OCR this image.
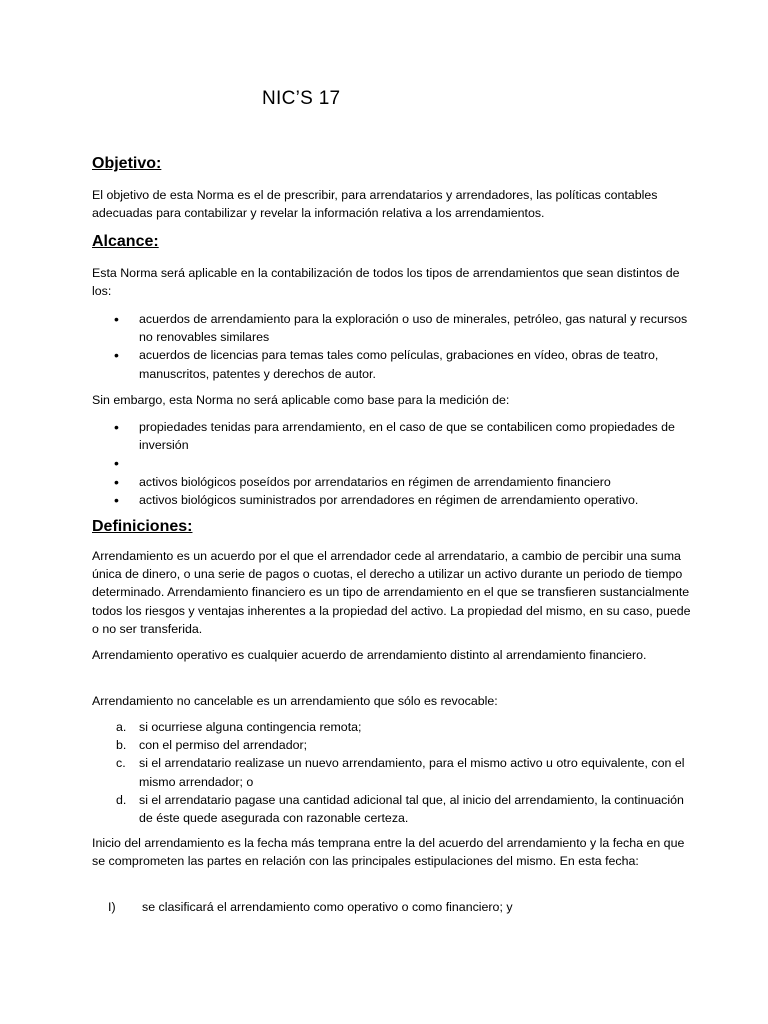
NIC’S 17
Objetivo:

El objetivo de esta Norma es el de prescribir, para arrendatarios y arrendadores, las políticas contables adecuadas para contabilizar y revelar la información relativa a los arrendamientos.

Alcance:

Esta Norma será aplicable en la contabilización de todos los tipos de arrendamientos que sean distintos de los:

• acuerdos de arrendamiento para la exploración o uso de minerales, petróleo, gas natural y recursos no renovables similares
• acuerdos de licencias para temas tales como películas, grabaciones en vídeo, obras de teatro, manuscritos, patentes y derechos de autor.

Sin embargo, esta Norma no será aplicable como base para la medición de:

• propiedades tenidas para arrendamiento, en el caso de que se contabilicen como propiedades de inversión
•

• activos biológicos poseídos por arrendatarios en régimen de arrendamiento financiero
• activos biológicos suministrados por arrendadores en régimen de arrendamiento operativo.
Definiciones:

Arrendamiento es un acuerdo por el que el arrendador cede al arrendatario, a cambio de percibir una suma única de dinero, o una serie de pagos o cuotas, el derecho a utilizar un activo durante un periodo de tiempo determinado. Arrendamiento financiero es un tipo de arrendamiento en el que se transfieren sustancialmente todos los riesgos y ventajas inherentes a la propiedad del activo. La propiedad del mismo, en su caso, puede o no ser transferida.

Arrendamiento operativo es cualquier acuerdo de arrendamiento distinto al arrendamiento financiero.

Arrendamiento no cancelable es un arrendamiento que sólo es revocable:

a. si ocurriese alguna contingencia remota;
b. con el permiso del arrendador;
c. si el arrendatario realizase un nuevo arrendamiento, para el mismo activo u otro equivalente, con el mismo arrendador; o
d. si el arrendatario pagase una cantidad adicional tal que, al inicio del arrendamiento, la continuación de éste quede asegurada con razonable certeza.

Inicio del arrendamiento es la fecha más temprana entre la del acuerdo del arrendamiento y la fecha en que se comprometen las partes en relación con las principales estipulaciones del mismo. En esta fecha:

I) se clasificará el arrendamiento como operativo o como financiero; y
